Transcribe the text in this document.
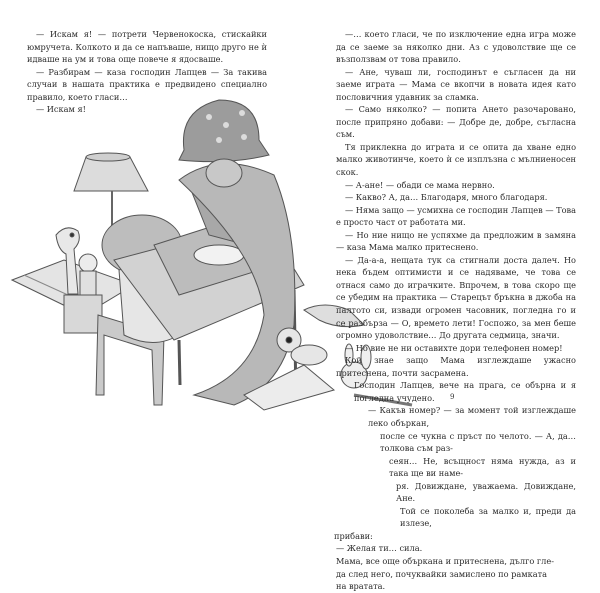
— Искам я! — потрети Червенокоска, стискайки юмручета. Колкото и да се напъваше, нищо друго не ѝ идваше на ум и това още повече я ядосваше.

— Разбирам — каза господин Лапцев — За такива случаи в нашата практика е предвидено специално правило, което гласи…

— Искам я!

—… което гласи, че по изключение една игра може да се заеме за няколко дни. Аз с удоволствие ще се възползвам от това правило.

— Ане, чуваш ли, господинът е съгласен да ни заеме играта — Мама се вкопчи в новата идея като пословичния удавник за сламка.

— Само няколко? — попита Ането разочаровано, после припряно добави: — Добре де, добре, съгласна съм.

Тя приклекна до играта и се опита да хване едно малко животинче, което ѝ се изплъзна с мълниеносен скок.

— А-ане! — обади се мама нервно.

— Какво? А, да… Благодаря, много благодаря.

— Няма защо — усмихна се господин Лапцев — Това е просто част от работата ми.

— Но ние нищо не успяхме да предложим в замяна — каза Мама малко притеснено.

— Да-а-а, нещата тук са стигнали доста далеч. Но нека бъдем оптимисти и се надяваме, че това се отнася само до играчките. Впрочем, в това скоро ще се убедим на практика — Старецът бръкна в джоба на палтото си, извади огромен часовник, погледна го и се разбърза — О, времето лети! Госпожо, за мен беше огромно удоволствие… До другата седмица, значи.

— Но вие не ни оставихте дори телефонен номер!

Кой знае защо Мама изглеждаше ужасно притеснена, почти засрамена.

Господин Лапцев, вече на прага, се обърна и я погледна учудено.
— Какъв номер? — за момент той изглеждаше леко объркан,
после се чукна с пръст по челото. — А, да… толкова съм раз-
сеян… Не, всъщност няма нужда, аз и така ще ви наме-
ря. Довиждане, уважаема. Довиждане, Ане.
Той се поколеба за малко и, преди да излезе,
прибави:
— Желая ти… сила.
Мама, все още объркана и притеснена, дълго гле-
да след него, почуквайки замислено по рамката
на вратата.
9
